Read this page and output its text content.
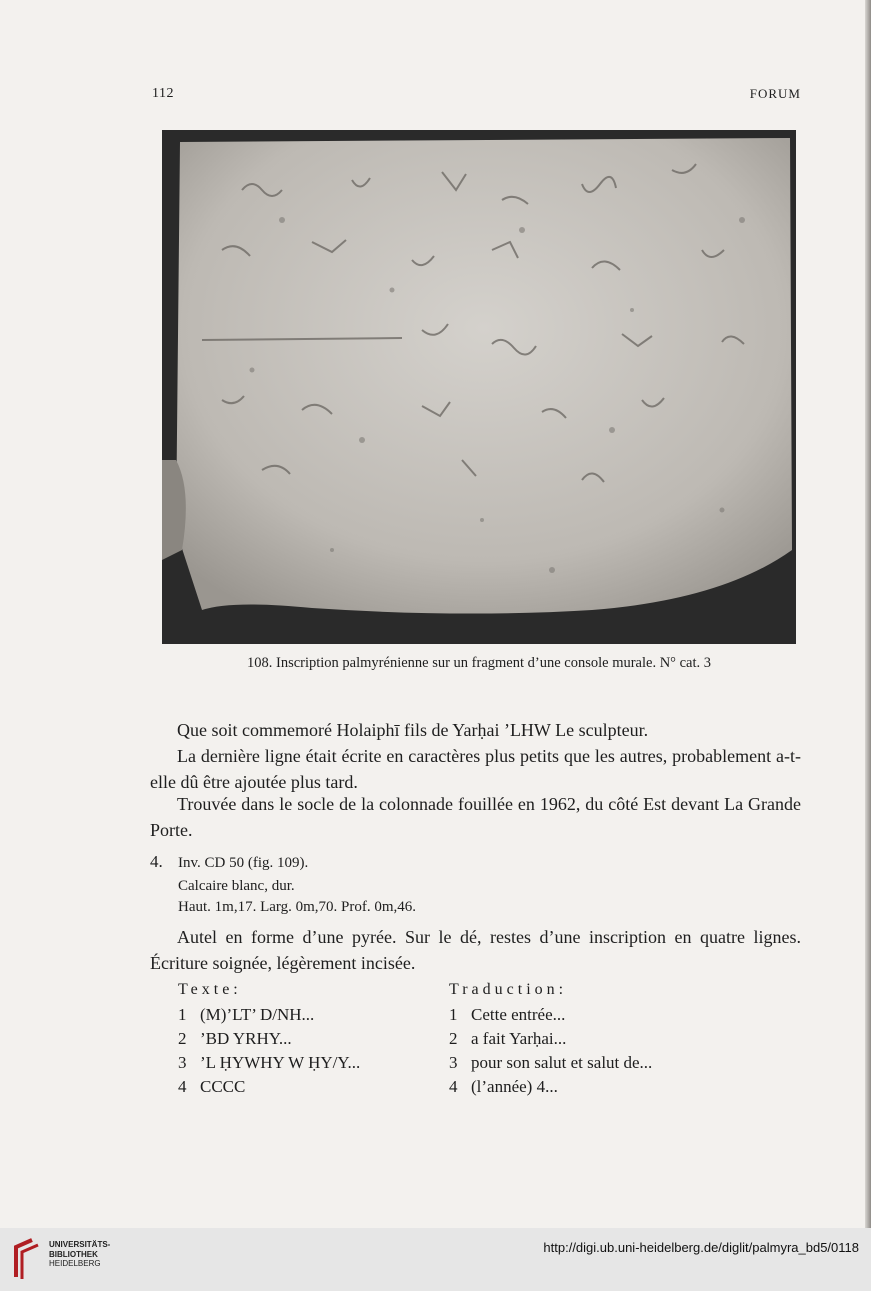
112	FORUM
108. Inscription palmyrénienne sur un fragment d’une console murale. N° cat. 3

Que soit commemoré Holaiphī fils de Yarḥai ’LHW Le sculpteur.

La dernière ligne était écrite en caractères plus petits que les autres, probablement a-t-elle dû être ajoutée plus tard.

Trouvée dans le socle de la colonnade fouillée en 1962, du côté Est devant La Grande Porte.

4. Inv. CD 50 (fig. 109).
Calcaire blanc, dur.
Haut. 1m,17. Larg. 0m,70. Prof. 0m,46.

Autel en forme d’une pyrée. Sur le dé, restes d’une inscription en quatre lignes. Écriture soignée, légèrement incisée.

Texte:	Traduction:
1 (M)’LT’ D/NH...	1 Cette entrée...
2 ’BD YRHY...	2 a fait Yarḥai...
3 ’L ḤYWHY W ḤY/Y...	3 pour son salut et salut de...
4 CCCC	4 (l’année) 4...
UNIVERSITÄTS-
BIBLIOTHEK
HEIDELBERG
http://digi.ub.uni-heidelberg.de/diglit/palmyra_bd5/0118
